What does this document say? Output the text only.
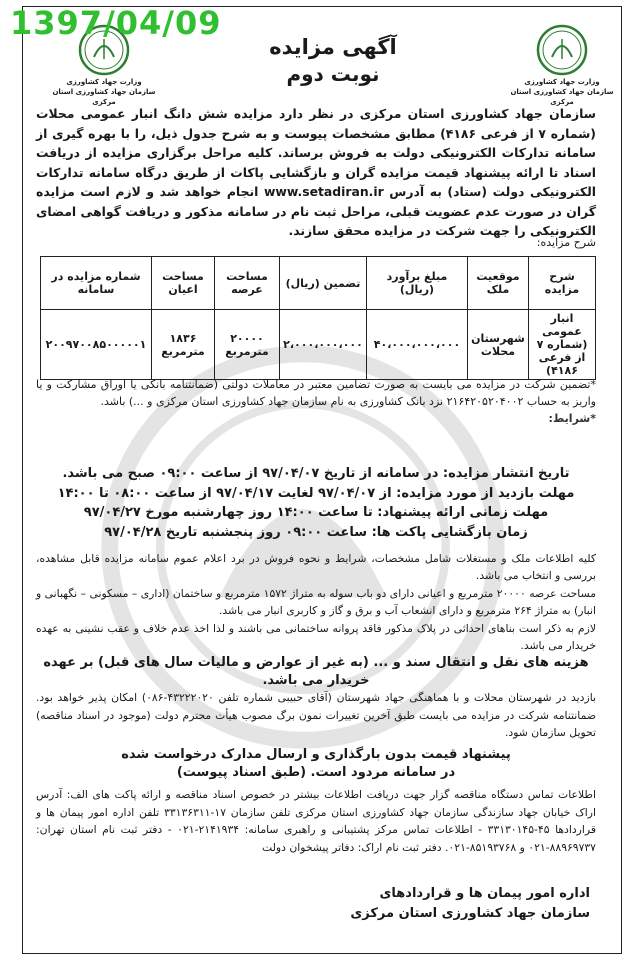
وزارت جهاد کشاورزی
سازمان جهاد کشاورزی استان مرکزی
وزارت جهاد کشاورزی
سازمان جهاد کشاورزی استان مرکزی
آگهی مزایده
نوبت دوم
1397/04/09
سازمان جهاد کشاورزی استان مرکزی در نظر دارد مزایده شش دانگ انبار عمومی محلات (شماره ۷ از فرعی ۴۱۸۶) مطابق مشخصات پیوست و به شرح جدول ذیل، را با بهره گیری از سامانه تدارکات الکترونیکی دولت به فروش برساند. کلیه مراحل برگزاری مزایده از دریافت اسناد تا ارائه پیشنهاد قیمت مزایده گران و بازگشایی پاکات از طریق درگاه سامانه تدارکات الکترونیکی دولت (ستاد) به آدرس www.setadiran.ir انجام خواهد شد و لازم است مزایده گران در صورت عدم عضویت قبلی، مراحل ثبت نام در سامانه مذکور و دریافت گواهی امضای الکترونیکی را جهت شرکت در مزایده محقق سازند.
شرح مزایده:
شرح مزایده	موقعیت ملک	مبلغ برآورد (ریال)	تضمین (ریال)	مساحت عرصه	مساحت اعیان	شماره مزایده در سامانه
انبار عمومی (شماره ۷ از فرعی ۴۱۸۶)	شهرستان محلات	۴۰،۰۰۰،۰۰۰،۰۰۰	۲،۰۰۰،۰۰۰،۰۰۰	۲۰۰۰۰ مترمربع	۱۸۳۶ مترمربع	۲۰۰۹۷۰۰۸۵۰۰۰۰۰۱

*تضمین شرکت در مزایده می بایست به صورت تضامین معتبر در معاملات دولتی (ضمانتنامه بانکی یا اوراق مشارکت و یا واریز به حساب ۲۱۶۴۲۰۵۲۰۴۰۰۲ نزد بانک کشاورزی به نام سازمان جهاد کشاورزی استان مرکزی و ...) باشد.

*شرایط:

تاریخ انتشار مزایده: در سامانه از تاریخ ۹۷/۰۴/۰۷ از ساعت ۰۹:۰۰ صبح می باشد.

مهلت بازدید از مورد مزایده: از ۹۷/۰۴/۰۷ لغایت ۹۷/۰۴/۱۷ از ساعت ۰۸:۰۰ تا ۱۴:۰۰

مهلت زمانی ارائه پیشنهاد: تا ساعت ۱۴:۰۰ روز چهارشنبه مورخ ۹۷/۰۴/۲۷

زمان بازگشایی پاکت ها: ساعت ۰۹:۰۰ روز پنجشنبه تاریخ ۹۷/۰۴/۲۸

کلیه اطلاعات ملک و مستغلات شامل مشخصات، شرایط و نحوه فروش در برد اعلام عموم سامانه مزایده قابل مشاهده، بررسی و انتخاب می باشد.

مساحت عرصه ۲۰۰۰۰ مترمربع و اعیانی دارای دو باب سوله به متراژ ۱۵۷۲ مترمربع و ساختمان (اداری – مسکونی – نگهبانی و انبار) به متراژ ۲۶۴ مترمربع و دارای انشعاب آب و برق و گاز و کاربری انبار می باشد.

لازم به ذکر است بناهای احداثی در پلاک مذکور فاقد پروانه ساختمانی می باشند و لذا اخذ عدم خلاف و عقب نشینی به عهده خریدار می باشد.

هزینه های نقل و انتقال سند و ... (به غیر از عوارض و مالیات سال های قبل) بر عهده خریدار می باشد.

بازدید در شهرستان محلات و با هماهنگی جهاد شهرستان (آقای حبیبی شماره تلفن ۴۳۲۲۲۰۲۰-۰۸۶) امکان پذیر خواهد بود. ضمانتنامه شرکت در مزایده می بایست طبق آخرین تغییرات نمون برگ مصوب هیأت محترم دولت (موجود در اسناد مناقصه) تحویل سازمان شود.

پیشنهاد قیمت بدون بارگذاری و ارسال مدارک درخواست شده

در سامانه مردود است. (طبق اسناد پیوست)

اطلاعات تماس دستگاه مناقصه گزار جهت دریافت اطلاعات بیشتر در خصوص اسناد مناقصه و ارائه پاکت های الف: آدرس اراک خیابان جهاد سازندگی سازمان جهاد کشاورزی استان مرکزی تلفن سازمان ۱۷-۳۳۱۳۶۳۱۱ تلفن اداره امور پیمان ها و قراردادها ۴۵-۳۳۱۳۰۱۴۵ - اطلاعات تماس مرکز پشتیبانی و راهبری سامانه: ۲۱۴۱۹۳۴-۰۲۱ - دفتر ثبت نام استان تهران: ۸۸۹۶۹۷۳۷-۰۲۱ و ۸۵۱۹۳۷۶۸-۰۲۱. دفتر ثبت نام اراک: دفاتر پیشخوان دولت

اداره امور پیمان ها و قراردادهای

سازمان جهاد کشاورزی استان مرکزی
